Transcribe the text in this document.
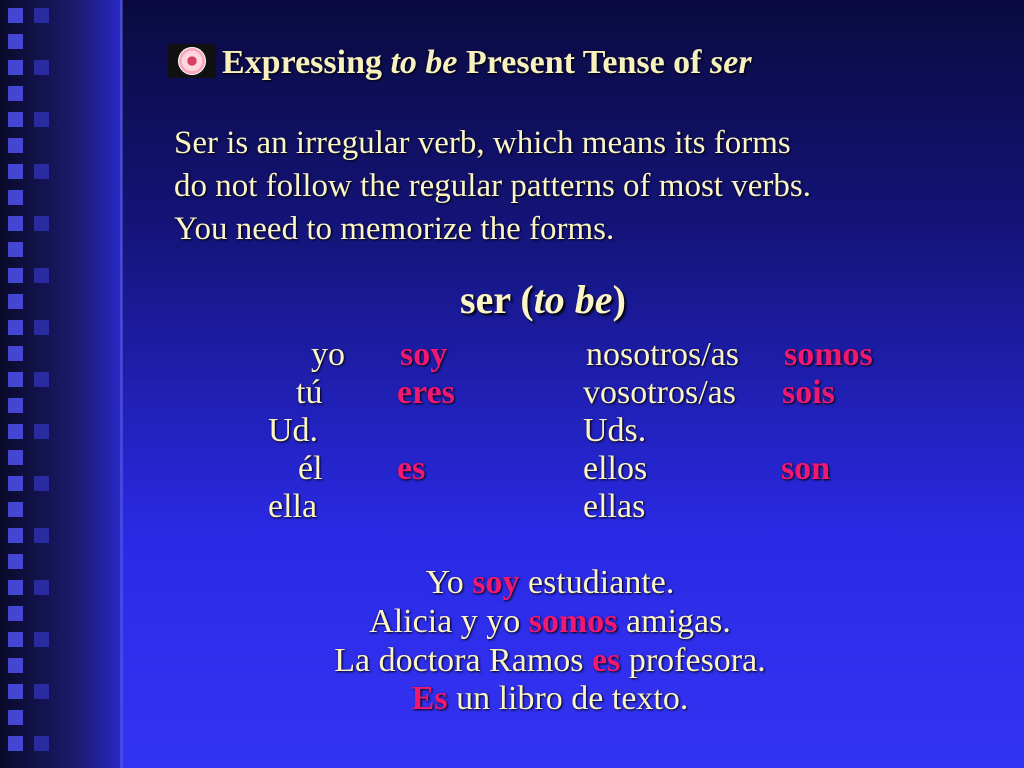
Expressing to be Present Tense of ser
Ser is an irregular verb, which means its forms
do not follow the regular patterns of most verbs.
You need to memorize the forms.
ser (to be)
yo
tú
Ud.
él
ella
soy
eres
es
nosotros/as
vosotros/as
Uds.
ellos
ellas
somos
sois
son
Yo soy estudiante.
Alicia y yo somos amigas.
La doctora Ramos es profesora.
Es un libro de texto.
